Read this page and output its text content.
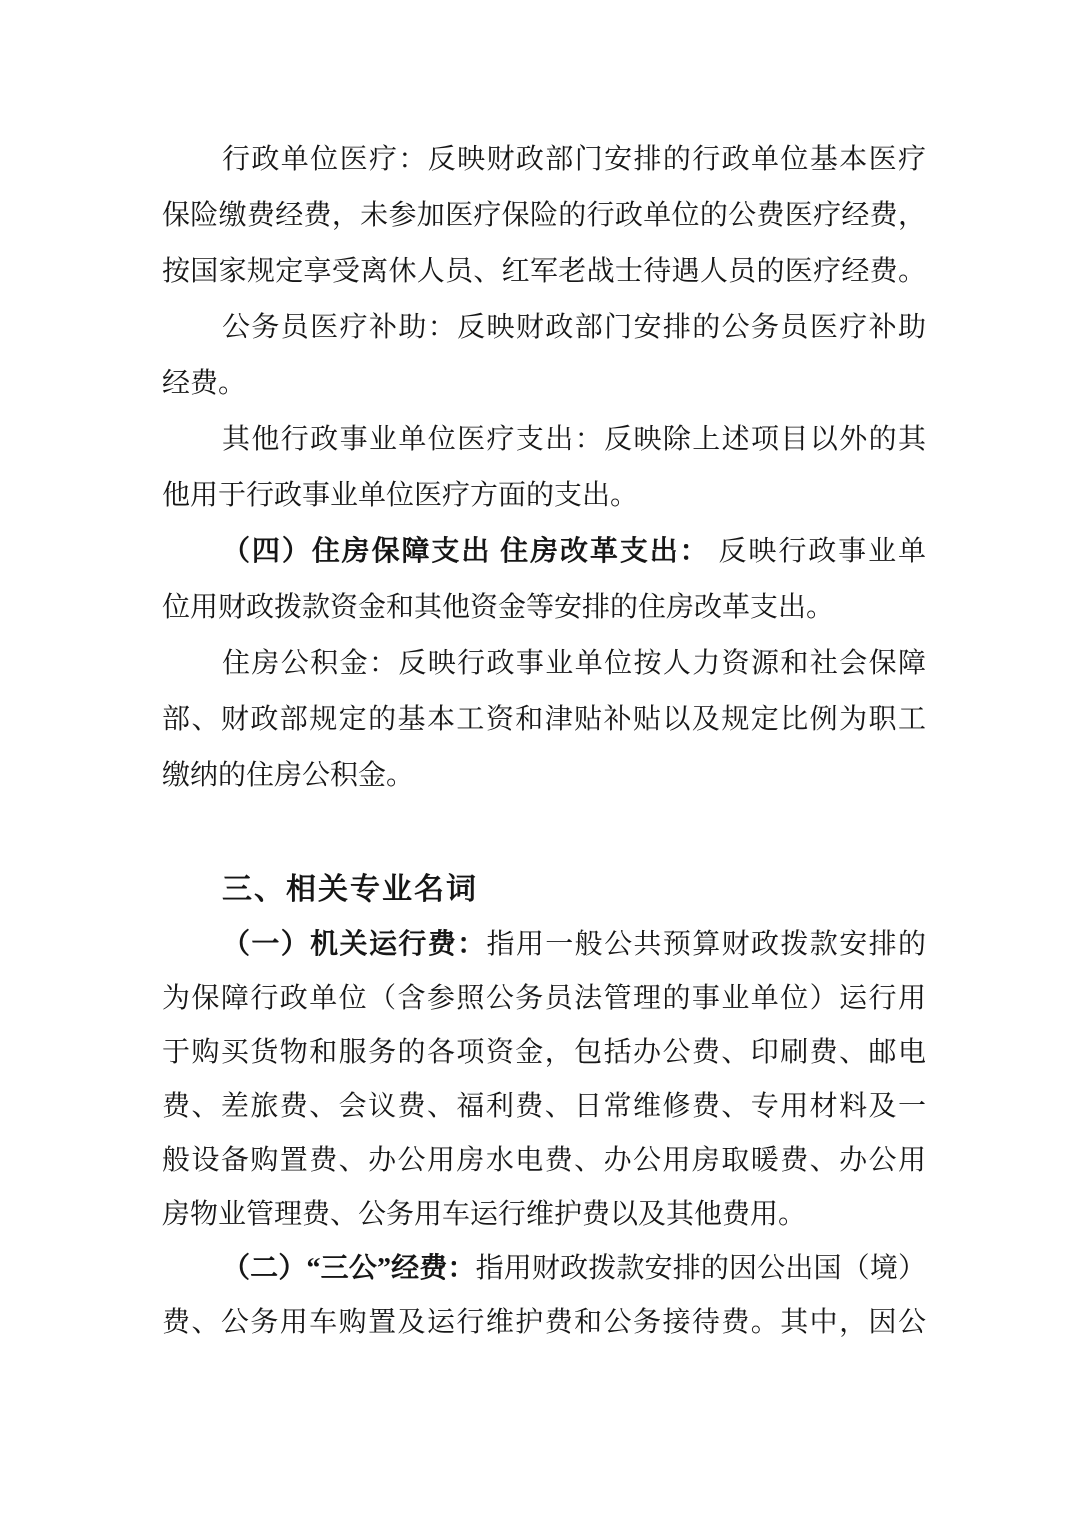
行政单位医疗：反映财政部门安排的行政单位基本医疗
保险缴费经费，未参加医疗保险的行政单位的公费医疗经费，
按国家规定享受离休人员、红军老战士待遇人员的医疗经费。
公务员医疗补助：反映财政部门安排的公务员医疗补助
经费。
其他行政事业单位医疗支出：反映除上述项目以外的其
他用于行政事业单位医疗方面的支出。
（四）住房保障支出 住房改革支出： 反映行政事业单
位用财政拨款资金和其他资金等安排的住房改革支出。
住房公积金：反映行政事业单位按人力资源和社会保障
部、财政部规定的基本工资和津贴补贴以及规定比例为职工
缴纳的住房公积金。
三、相关专业名词
（一）机关运行费：指用一般公共预算财政拨款安排的
为保障行政单位（含参照公务员法管理的事业单位）运行用
于购买货物和服务的各项资金，包括办公费、印刷费、邮电
费、差旅费、会议费、福利费、日常维修费、专用材料及一
般设备购置费、办公用房水电费、办公用房取暖费、办公用
房物业管理费、公务用车运行维护费以及其他费用。
（二）“三公”经费：指用财政拨款安排的因公出国（境）
费、公务用车购置及运行维护费和公务接待费。其中，因公
